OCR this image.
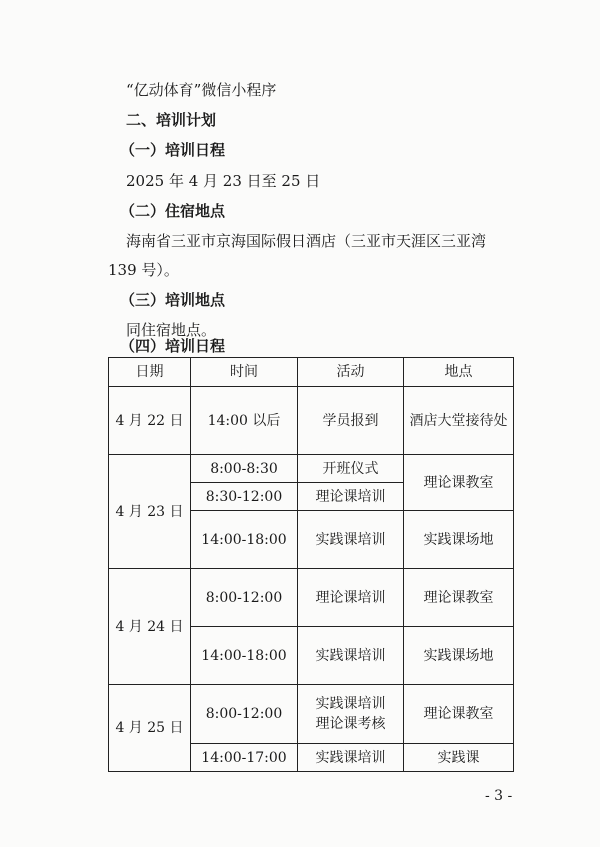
“亿动体育”微信小程序
二、培训计划
（一）培训日程
2025 年 4 月 23 日至 25 日
（二）住宿地点
海南省三亚市京海国际假日酒店（三亚市天涯区三亚湾
139 号）。
（三）培训地点
同住宿地点。
（四）培训日程
日期	时间	活动	地点
4 月 22 日	14:00 以后	学员报到	酒店大堂接待处
4 月 23 日	8:00-8:30	开班仪式	理论课教室
	8:30-12:00	理论课培训	
	14:00-18:00	实践课培训	实践课场地
4 月 24 日	8:00-12:00	理论课培训	理论课教室
	14:00-18:00	实践课培训	实践课场地
4 月 25 日	8:00-12:00	实践课培训
理论课考核	理论课教室
	14:00-17:00	实践课培训	实践课
- 3 -
